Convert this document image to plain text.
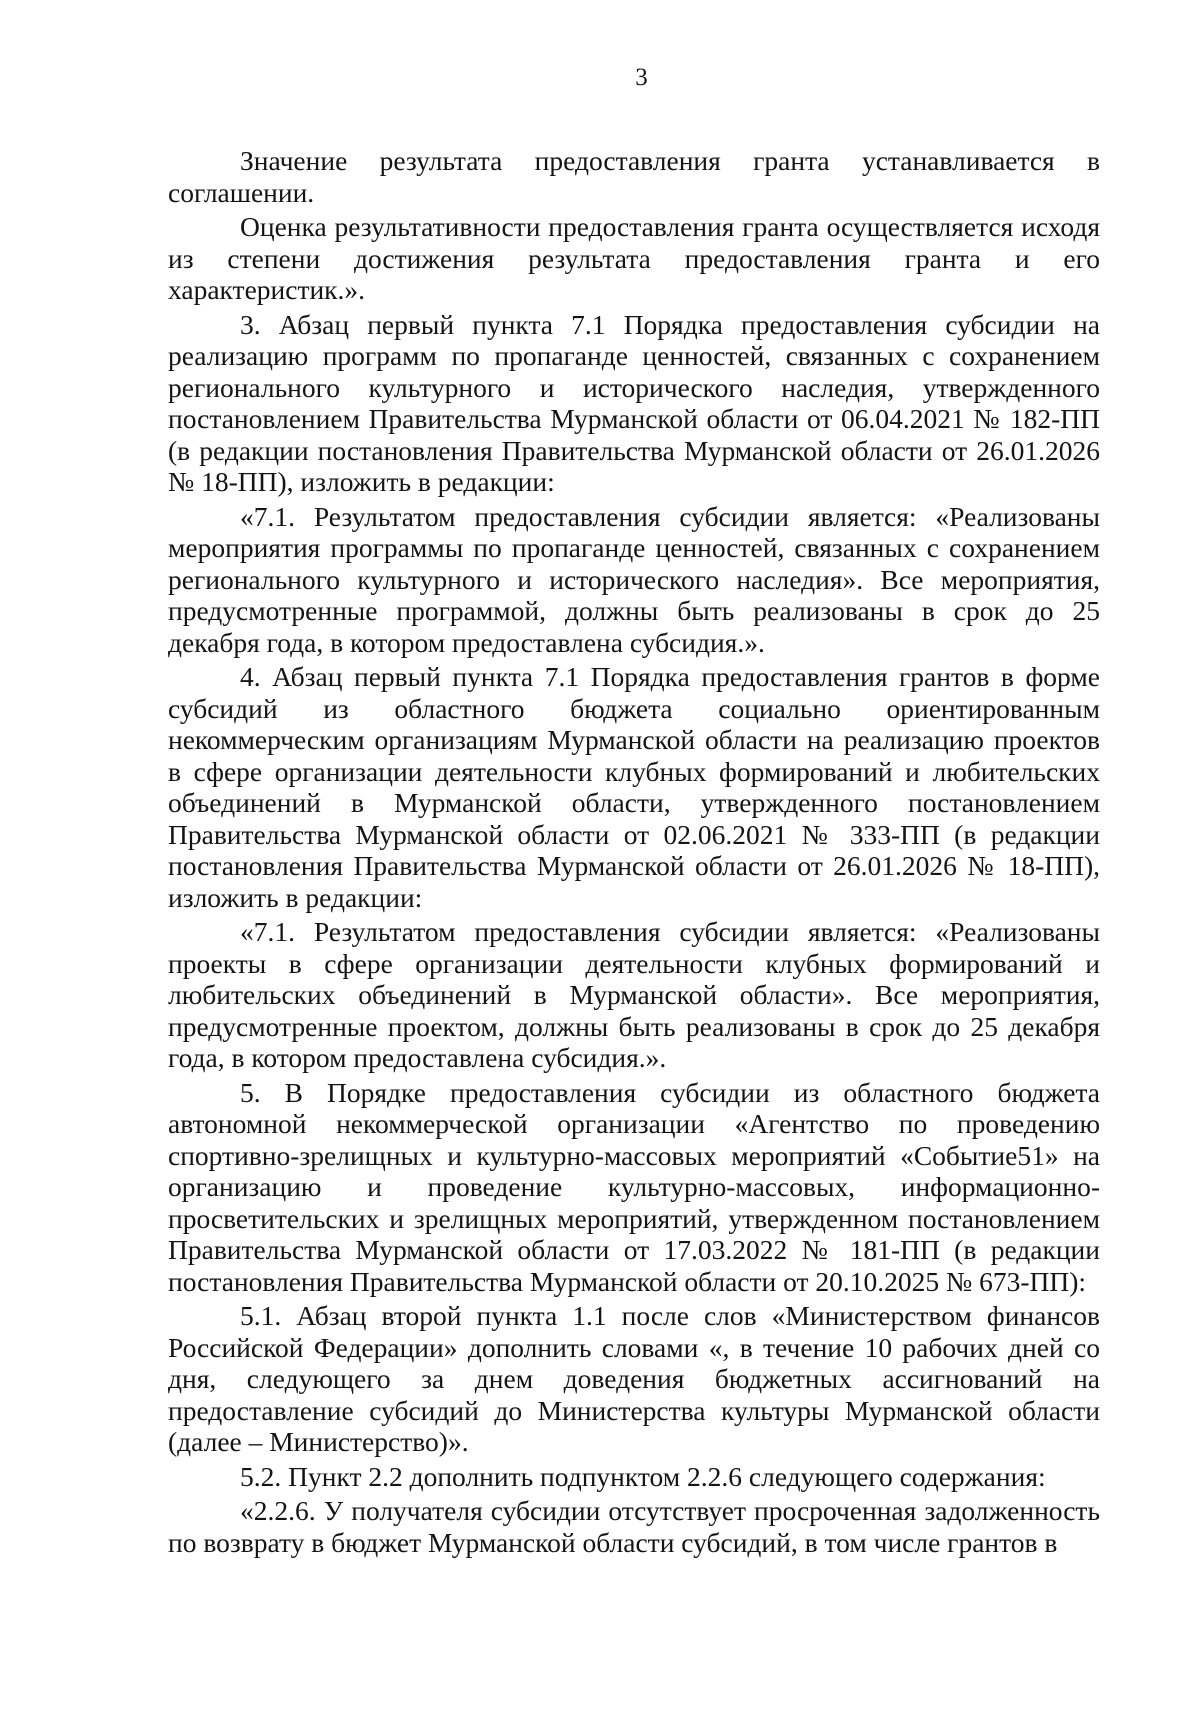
3

Значение результата предоставления гранта устанавливается в соглашении.

Оценка результативности предоставления гранта осуществляется исходя из степени достижения результата предоставления гранта и его характеристик.».

3. Абзац первый пункта 7.1 Порядка предоставления субсидии на реализацию программ по пропаганде ценностей, связанных с сохранением регионального культурного и исторического наследия, утвержденного постановлением Правительства Мурманской области от 06.04.2021 № 182-ПП (в редакции постановления Правительства Мурманской области от 26.01.2026 № 18-ПП), изложить в редакции:

«7.1. Результатом предоставления субсидии является: «Реализованы мероприятия программы по пропаганде ценностей, связанных с сохранением регионального культурного и исторического наследия». Все мероприятия, предусмотренные программой, должны быть реализованы в срок до 25 декабря года, в котором предоставлена субсидия.».

4. Абзац первый пункта 7.1 Порядка предоставления грантов в форме субсидий из областного бюджета социально ориентированным некоммерческим организациям Мурманской области на реализацию проектов в сфере организации деятельности клубных формирований и любительских объединений в Мурманской области, утвержденного постановлением Правительства Мурманской области от 02.06.2021 № 333-ПП (в редакции постановления Правительства Мурманской области от 26.01.2026 № 18-ПП), изложить в редакции:

«7.1. Результатом предоставления субсидии является: «Реализованы проекты в сфере организации деятельности клубных формирований и любительских объединений в Мурманской области». Все мероприятия, предусмотренные проектом, должны быть реализованы в срок до 25 декабря года, в котором предоставлена субсидия.».

5. В Порядке предоставления субсидии из областного бюджета автономной некоммерческой организации «Агентство по проведению спортивно-зрелищных и культурно-массовых мероприятий «Событие51» на организацию и проведение культурно-массовых, информационно-просветительских и зрелищных мероприятий, утвержденном постановлением Правительства Мурманской области от 17.03.2022 № 181-ПП (в редакции постановления Правительства Мурманской области от 20.10.2025 № 673-ПП):

5.1. Абзац второй пункта 1.1 после слов «Министерством финансов Российской Федерации» дополнить словами «, в течение 10 рабочих дней со дня, следующего за днем доведения бюджетных ассигнований на предоставление субсидий до Министерства культуры Мурманской области (далее – Министерство)».

5.2. Пункт 2.2 дополнить подпунктом 2.2.6 следующего содержания:

«2.2.6. У получателя субсидии отсутствует просроченная задолженность по возврату в бюджет Мурманской области субсидий, в том числе грантов в
